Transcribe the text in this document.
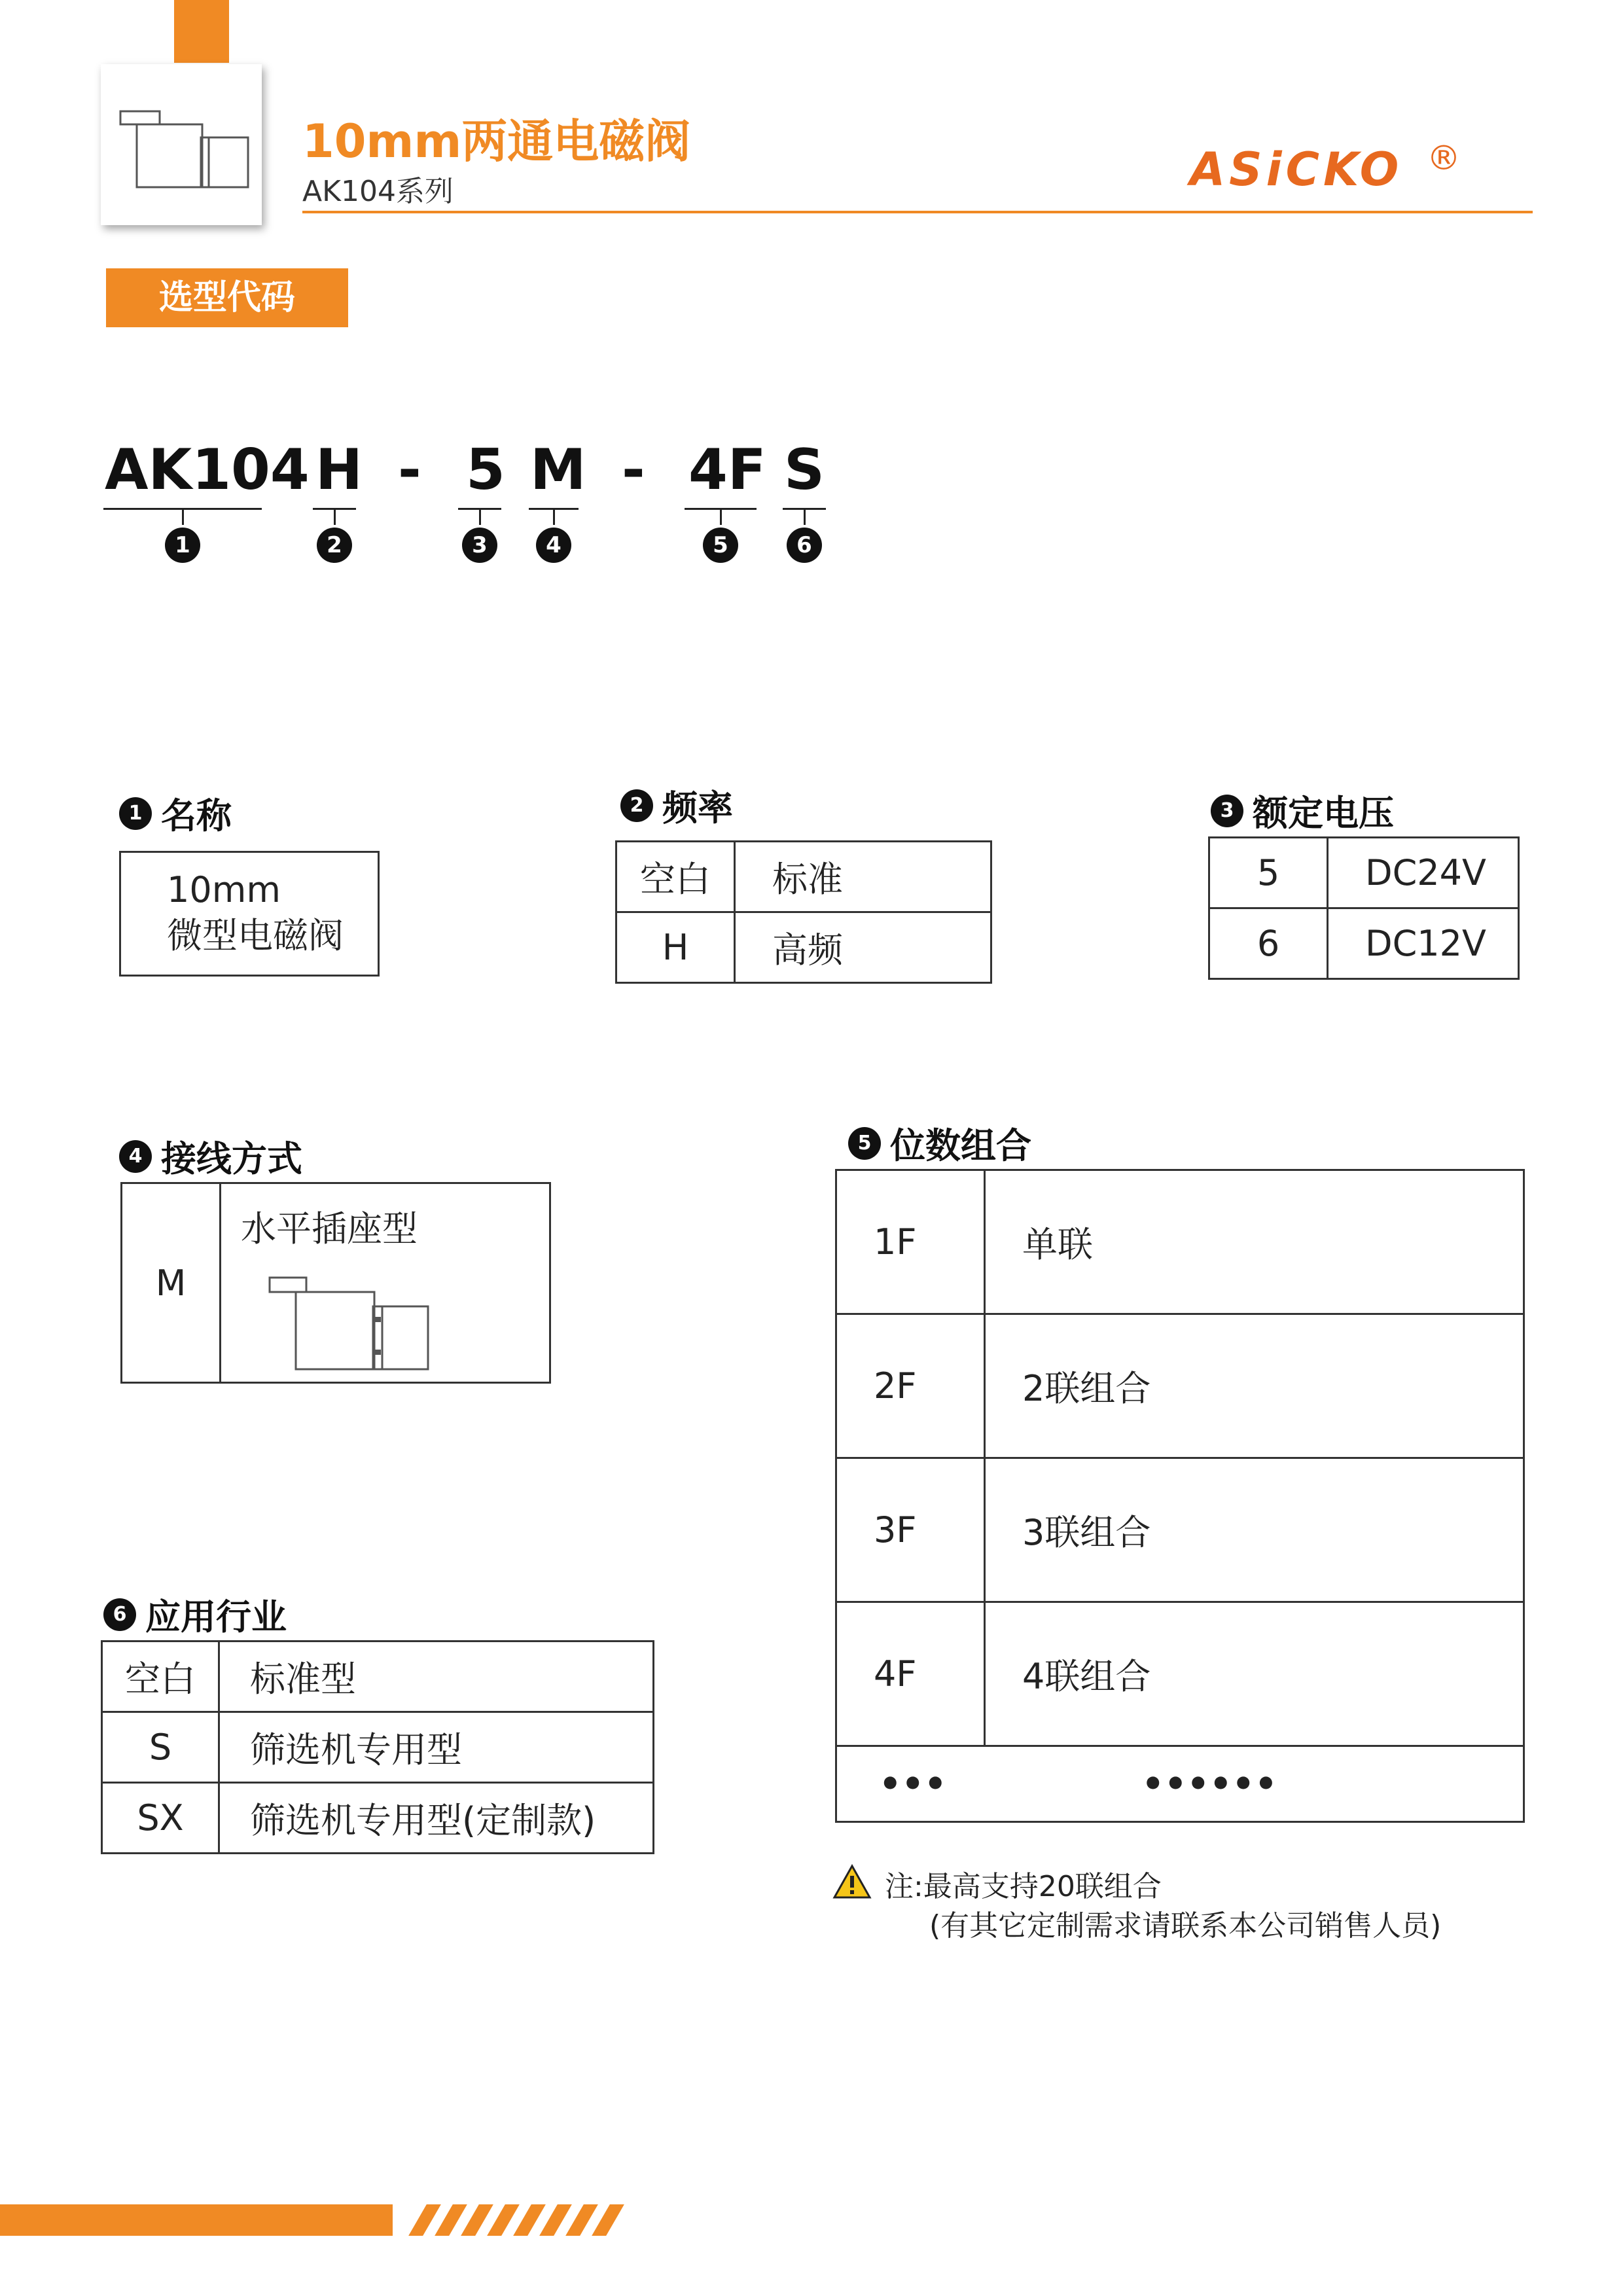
10mm两通电磁阀
AK104系列	ASiCKO ®
选型代码
AK104 H - 5 M - 4F S
1	2	3	4	5	6
1 名称
10mm
微型电磁阀
2 频率
空白	标准
H	高频
3 额定电压
5	DC24V
6	DC12V
4 接线方式
M	
水平插座型
5 位数组合
1F	单联
2F	2联组合
3F	3联组合
4F	4联组合
•••	••••••
6 应用行业
空白	标准型
S	筛选机专用型
SX	筛选机专用型(定制款)
注:最高支持20联组合
(有其它定制需求请联系本公司销售人员)
